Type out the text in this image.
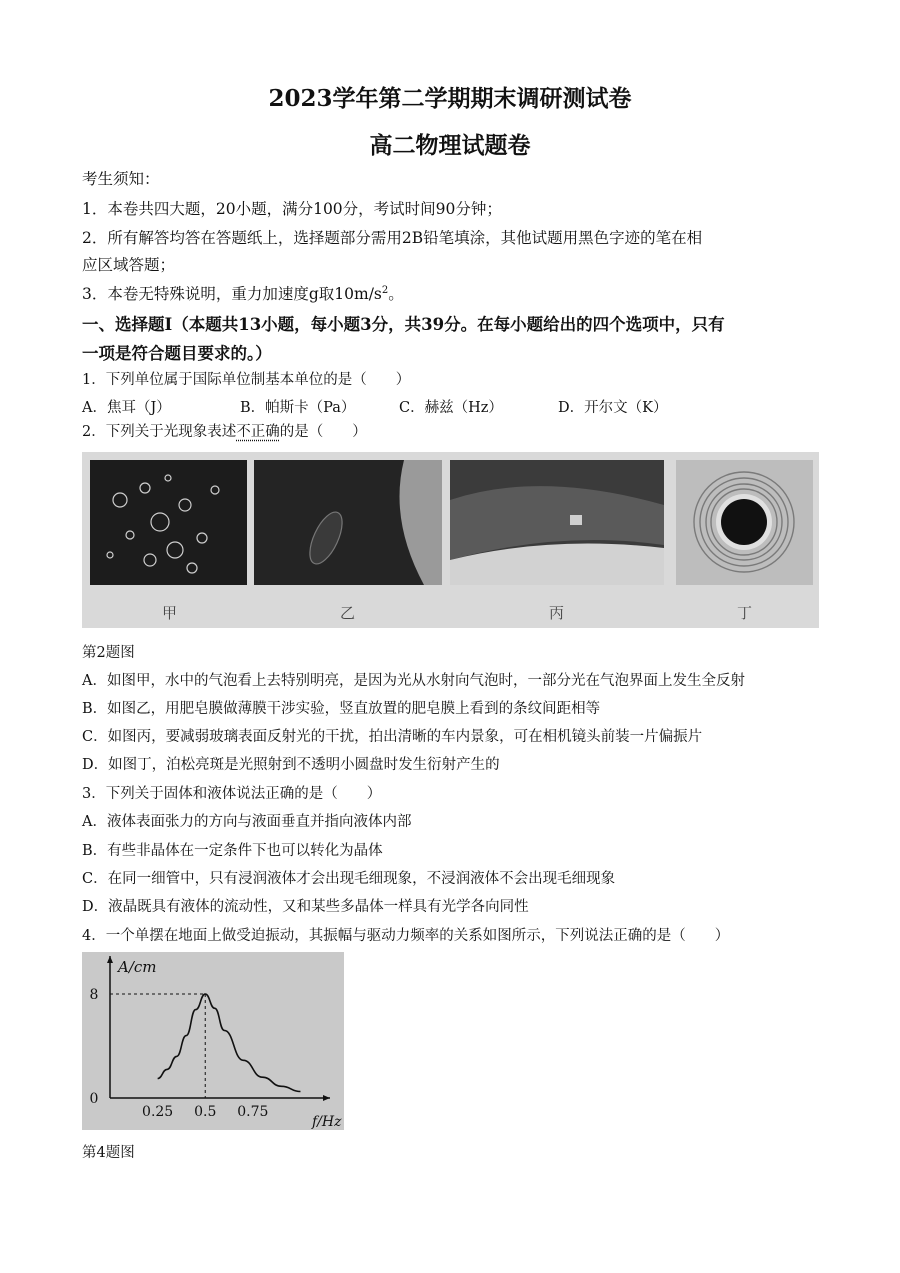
2023学年第二学期期末调研测试卷
高二物理试题卷
考生须知：
1．本卷共四大题，20小题，满分100分，考试时间90分钟；
2．所有解答均答在答题纸上，选择题部分需用2B铅笔填涂，其他试题用黑色字迹的笔在相
应区域答题；
3．本卷无特殊说明，重力加速度g取$10m/s^2$。
一、选择题Ⅰ（本题共13小题，每小题3分，共39分。在每小题给出的四个选项中，只有
一项是符合题目要求的。）
1．下列单位属于国际单位制基本单位的是（　　）
A．焦耳（J）	B．帕斯卡（Pa）	C．赫兹（Hz）	D．开尔文（K）
2．下列关于光现象表述不正确的是（　　）
甲	乙	丙	丁
第2题图
A．如图甲，水中的气泡看上去特别明亮，是因为光从水射向气泡时，一部分光在气泡界面上发生全反射
B．如图乙，用肥皂膜做薄膜干涉实验，竖直放置的肥皂膜上看到的条纹间距相等
C．如图丙，要减弱玻璃表面反射光的干扰，拍出清晰的车内景象，可在相机镜头前装一片偏振片
D．如图丁，泊松亮斑是光照射到不透明小圆盘时发生衍射产生的
3．下列关于固体和液体说法正确的是（　　）
A．液体表面张力的方向与液面垂直并指向液体内部
B．有些非晶体在一定条件下也可以转化为晶体
C．在同一细管中，只有浸润液体才会出现毛细现象，不浸润液体不会出现毛细现象
D．液晶既具有液体的流动性，又和某些多晶体一样具有光学各向同性
4．一个单摆在地面上做受迫振动，其振幅与驱动力频率的关系如图所示，下列说法正确的是（　　）
A/cm
f/Hz
0.25 0.5 0.75
0
8
第4题图
